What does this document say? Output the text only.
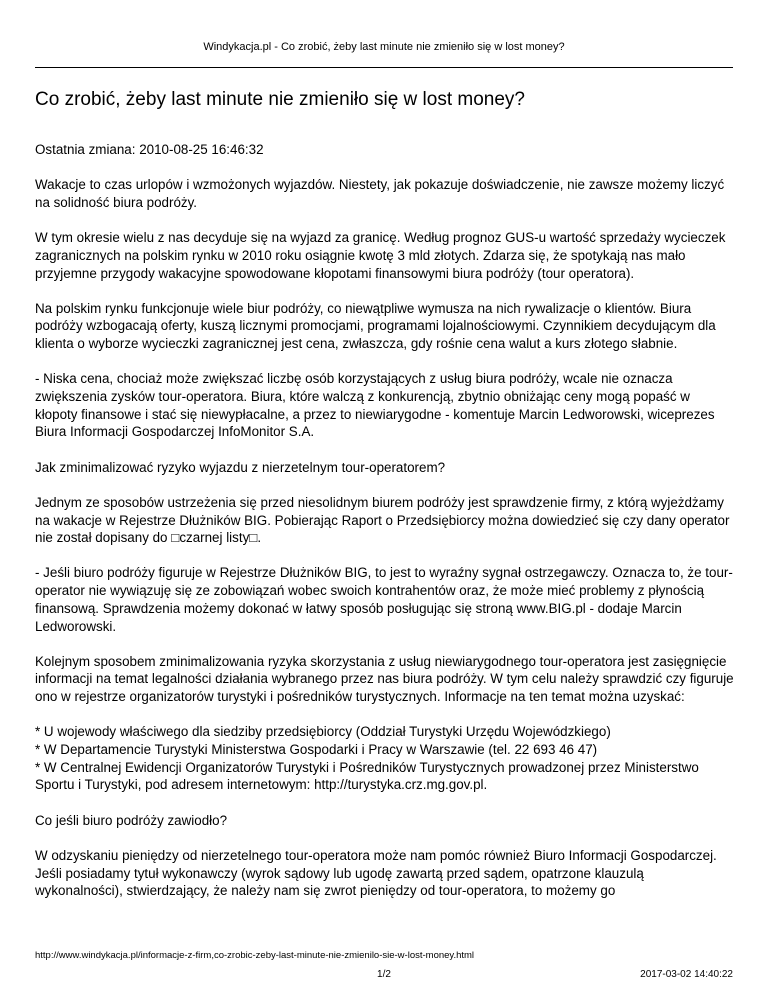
Windykacja.pl - Co zrobić, żeby last minute nie zmieniło się w lost money?
Co zrobić, żeby last minute nie zmieniło się w lost money?

Ostatnia zmiana: 2010-08-25 16:46:32

Wakacje to czas urlopów i wzmożonych wyjazdów. Niestety, jak pokazuje doświadczenie, nie zawsze możemy liczyć na solidność biura podróży.

W tym okresie wielu z nas decyduje się na wyjazd za granicę. Według prognoz GUS-u wartość sprzedaży wycieczek zagranicznych na polskim rynku w 2010 roku osiągnie kwotę 3 mld złotych. Zdarza się, że spotykają nas mało przyjemne przygody wakacyjne spowodowane kłopotami finansowymi biura podróży (tour operatora).

Na polskim rynku funkcjonuje wiele biur podróży, co niewątpliwe wymusza na nich rywalizacje o klientów. Biura podróży wzbogacają oferty, kuszą licznymi promocjami, programami lojalnościowymi. Czynnikiem decydującym dla klienta o wyborze wycieczki zagranicznej jest cena, zwłaszcza, gdy rośnie cena walut a kurs złotego słabnie.

- Niska cena, chociaż może zwiększać liczbę osób korzystających z usług biura podróży, wcale nie oznacza zwiększenia zysków tour-operatora. Biura, które walczą z konkurencją, zbytnio obniżając ceny mogą popaść w kłopoty finansowe i stać się niewypłacalne, a przez to niewiarygodne - komentuje Marcin Ledworowski, wiceprezes Biura Informacji Gospodarczej InfoMonitor S.A.

Jak zminimalizować ryzyko wyjazdu z nierzetelnym tour-operatorem?

Jednym ze sposobów ustrzeżenia się przed niesolidnym biurem podróży jest sprawdzenie firmy, z którą wyjeżdżamy na wakacje w Rejestrze Dłużników BIG. Pobierając Raport o Przedsiębiorcy można dowiedzieć się czy dany operator nie został dopisany do □czarnej listy□.

- Jeśli biuro podróży figuruje w Rejestrze Dłużników BIG, to jest to wyraźny sygnał ostrzegawczy. Oznacza to, że tour-operator nie wywiązuję się ze zobowiązań wobec swoich kontrahentów oraz, że może mieć problemy z płynością finansową. Sprawdzenia możemy dokonać w łatwy sposób posługując się stroną www.BIG.pl - dodaje Marcin Ledworowski.

Kolejnym sposobem zminimalizowania ryzyka skorzystania z usług niewiarygodnego tour-operatora jest zasięgnięcie informacji na temat legalności działania wybranego przez nas biura podróży. W tym celu należy sprawdzić czy figuruje ono w rejestrze organizatorów turystyki i pośredników turystycznych. Informacje na ten temat można uzyskać:

* U wojewody właściwego dla siedziby przedsiębiorcy (Oddział Turystyki Urzędu Wojewódzkiego)
* W Departamencie Turystyki Ministerstwa Gospodarki i Pracy w Warszawie (tel. 22 693 46 47)
* W Centralnej Ewidencji Organizatorów Turystyki i Pośredników Turystycznych prowadzonej przez Ministerstwo Sportu i Turystyki, pod adresem internetowym: http://turystyka.crz.mg.gov.pl.

Co jeśli biuro podróży zawiodło?

W odzyskaniu pieniędzy od nierzetelnego tour-operatora może nam pomóc również Biuro Informacji Gospodarczej. Jeśli posiadamy tytuł wykonawczy (wyrok sądowy lub ugodę zawartą przed sądem, opatrzone klauzulą wykonalności), stwierdzający, że należy nam się zwrot pieniędzy od tour-operatora, to możemy go

http://www.windykacja.pl/informacje-z-firm,co-zrobic-zeby-last-minute-nie-zmienilo-sie-w-lost-money.html
1/2	2017-03-02 14:40:22
